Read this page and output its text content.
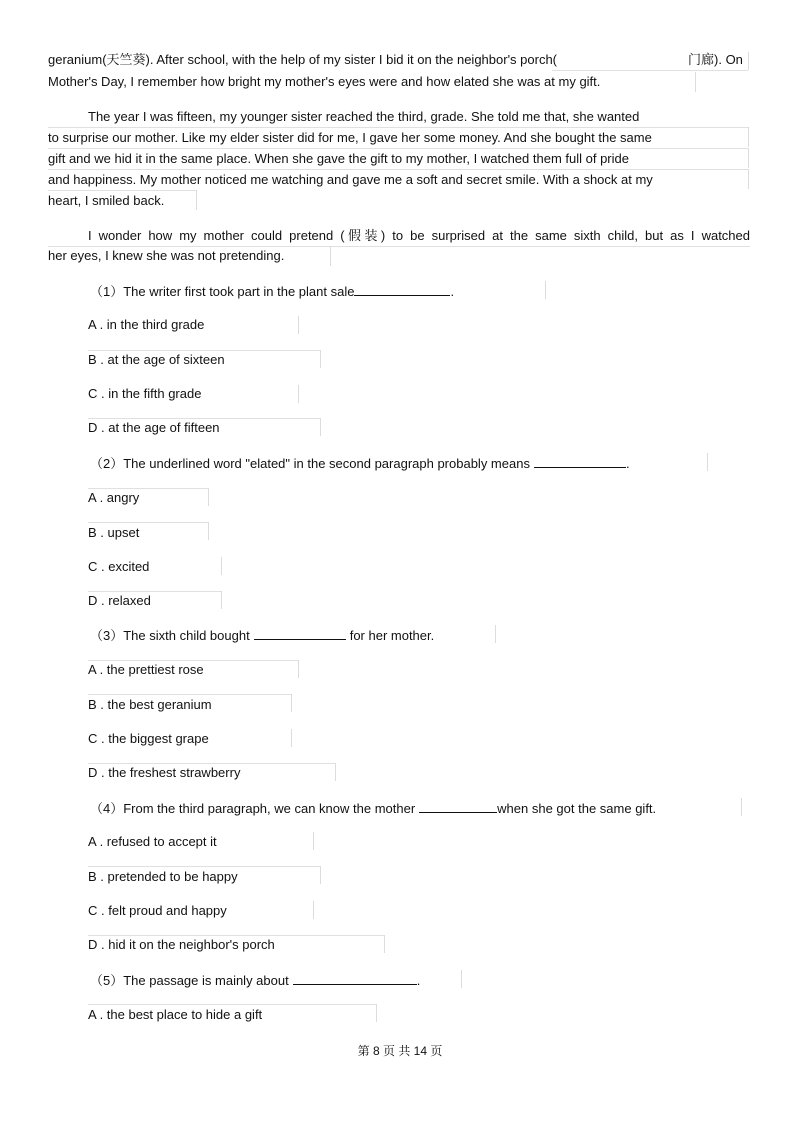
geranium(天竺葵). After school, with the help of my sister I bid it on the neighbor's porch(	门廊). On
Mother's Day, I remember how bright my mother's eyes were and how elated she was at my gift.
The year I was fifteen, my younger sister reached the third, grade. She told me that, she wanted
to surprise our mother. Like my elder sister did for me, I gave her some money. And she bought the same
gift and we hid it in the same place. When she gave the gift to my mother, I watched them full of pride
and happiness. My mother noticed me watching and gave me a soft and secret smile. With a shock at my
heart, I smiled back.
I wonder how my mother could pretend (假装) to be surprised at the same sixth child, but as I watched
her eyes, I knew she was not pretending.
（1）The writer first took part in the plant sale	.
A . in the third grade
B . at the age of sixteen
C . in the fifth grade
D . at the age of fifteen
（2）The underlined word "elated" in the second paragraph probably means	.
A . angry
B . upset
C . excited
D . relaxed
（3）The sixth child bought	for her mother.
A . the prettiest rose
B . the best geranium
C . the biggest grape
D . the freshest strawberry
（4）From the third paragraph, we can know the mother	when she got the same gift.
A . refused to accept it
B . pretended to be happy
C . felt proud and happy
D . hid it on the neighbor's porch
（5）The passage is mainly about	.
A . the best place to hide a gift
第 8 页 共 14 页
